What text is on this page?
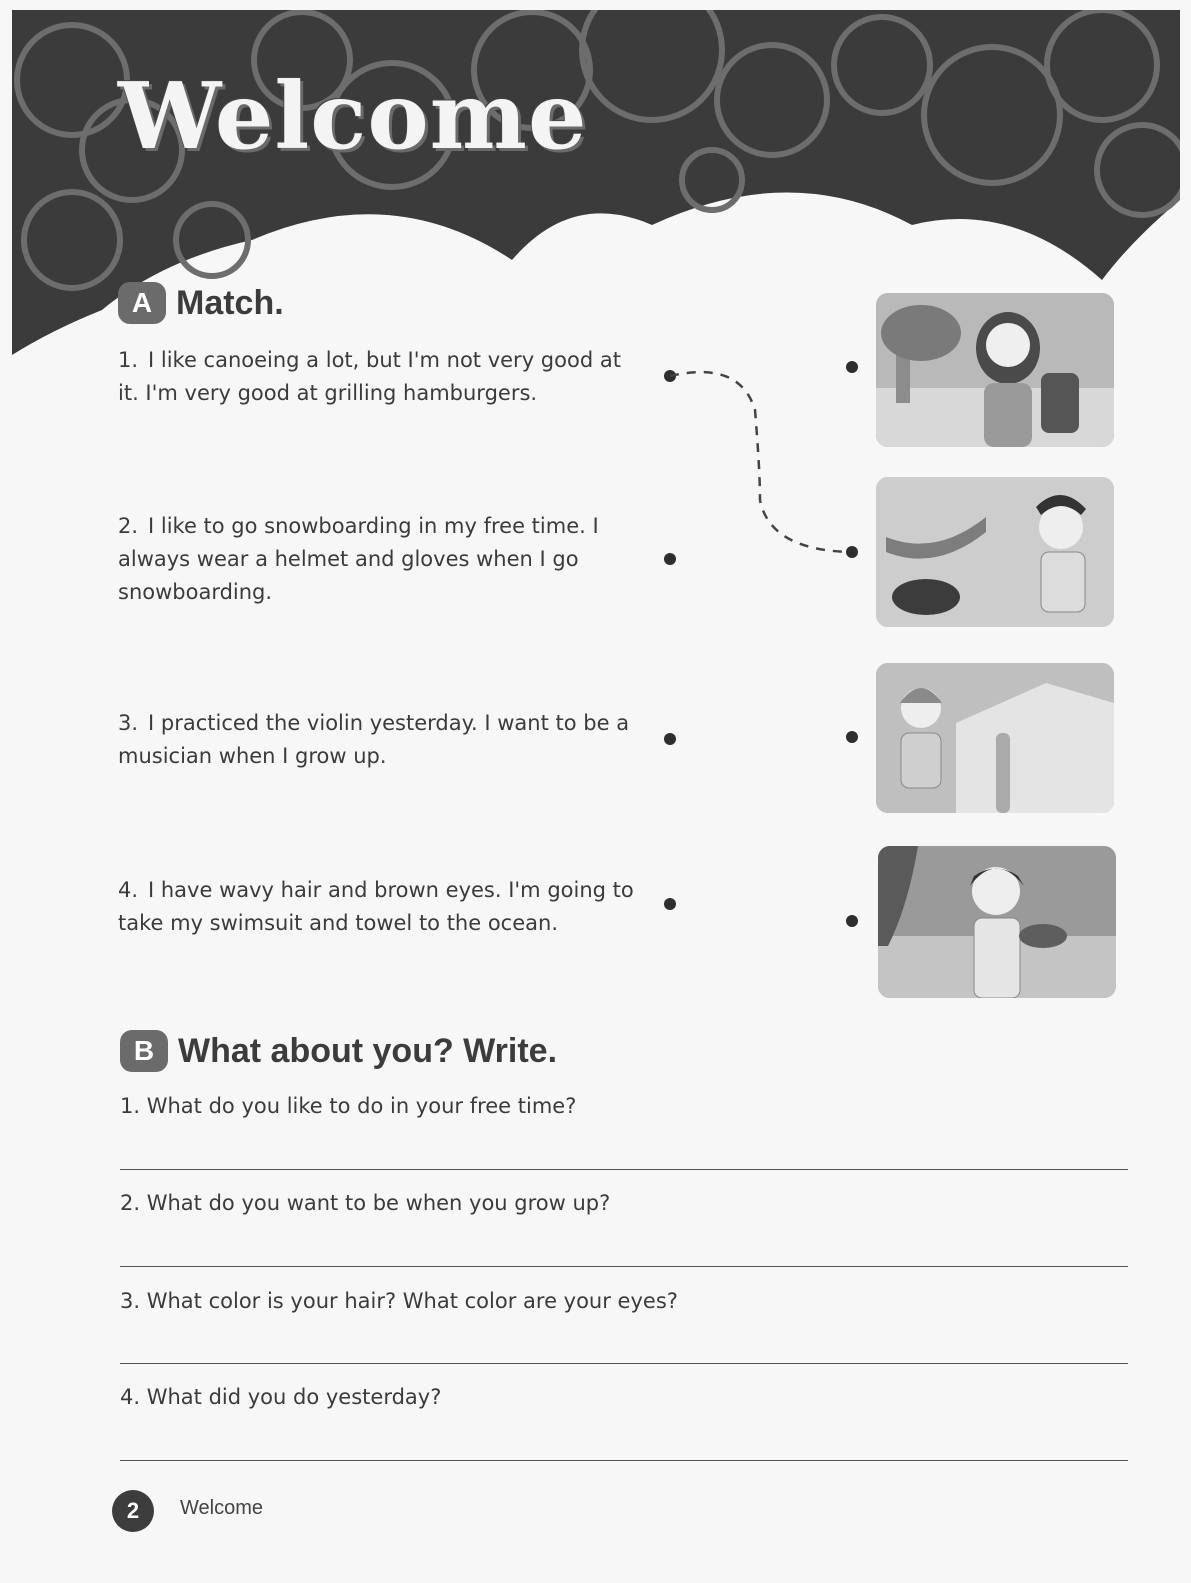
Welcome
A Match.
1. I like canoeing a lot, but I'm not very good at it. I'm very good at grilling hamburgers.
2. I like to go snowboarding in my free time. I always wear a helmet and gloves when I go snowboarding.
3. I practiced the violin yesterday. I want to be a musician when I grow up.
4. I have wavy hair and brown eyes. I'm going to take my swimsuit and towel to the ocean.
B What about you? Write.
1. What do you like to do in your free time?
2. What do you want to be when you grow up?
3. What color is your hair? What color are your eyes?
4. What did you do yesterday?
2	Welcome
